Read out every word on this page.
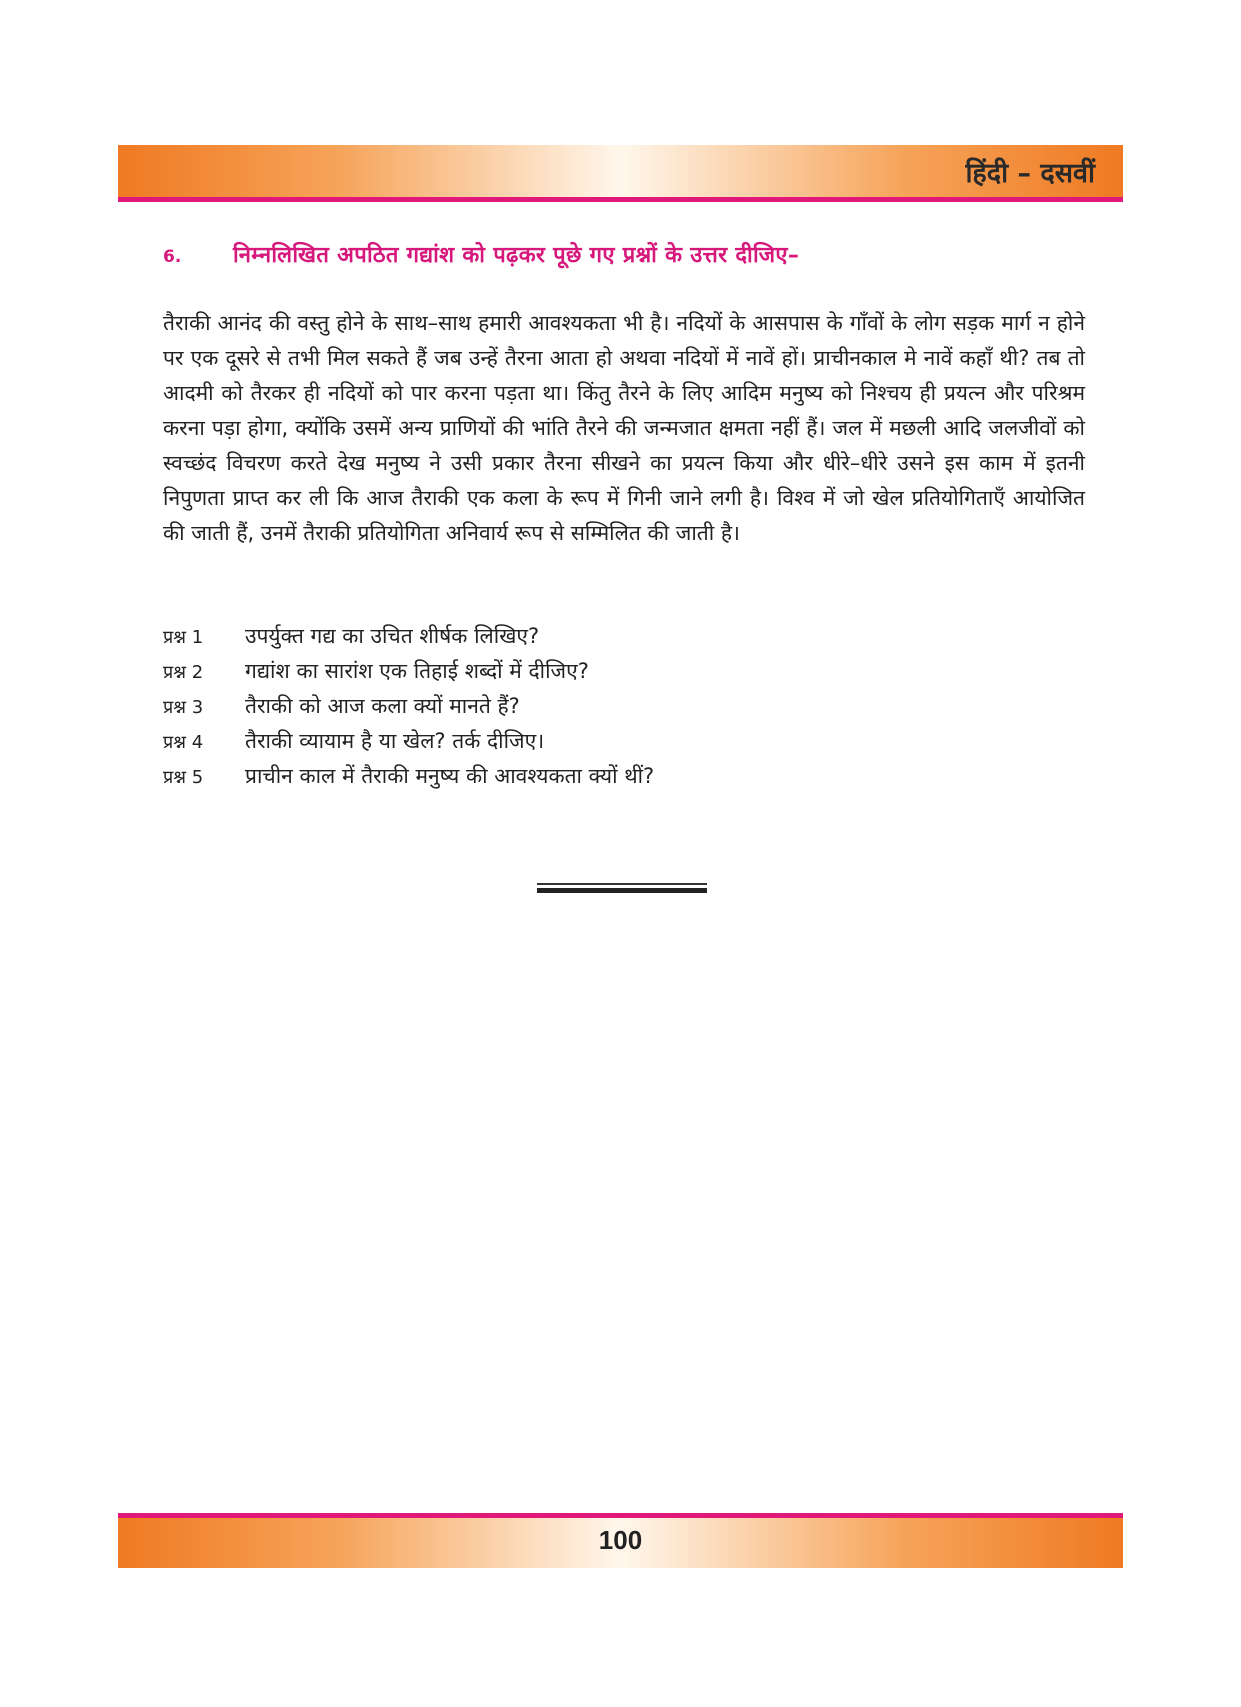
हिंदी – दसवीं
6.	निम्नलिखित अपठित गद्यांश को पढ़कर पूछे गए प्रश्नों के उत्तर दीजिए–
तैराकी आनंद की वस्तु होने के साथ–साथ हमारी आवश्यकता भी है। नदियों के आसपास के गाँवों के लोग सड़क मार्ग न होने पर एक दूसरे से तभी मिल सकते हैं जब उन्हें तैरना आता हो अथवा नदियों में नावें हों। प्राचीनकाल मे नावें कहाँ थी? तब तो आदमी को तैरकर ही नदियों को पार करना पड़ता था। किंतु तैरने के लिए आदिम मनुष्य को निश्चय ही प्रयत्न और परिश्रम करना पड़ा होगा, क्योंकि उसमें अन्य प्राणियों की भांति तैरने की जन्मजात क्षमता नहीं हैं। जल में मछली आदि जलजीवों को स्वच्छंद विचरण करते देख मनुष्य ने उसी प्रकार तैरना सीखने का प्रयत्न किया और धीरे–धीरे उसने इस काम में इतनी निपुणता प्राप्त कर ली कि आज तैराकी एक कला के रूप में गिनी जाने लगी है। विश्व में जो खेल प्रतियोगिताएँ आयोजित की जाती हैं, उनमें तैराकी प्रतियोगिता अनिवार्य रूप से सम्मिलित की जाती है।
प्रश्न 1	उपर्युक्त गद्य का उचित शीर्षक लिखिए?
प्रश्न 2	गद्यांश का सारांश एक तिहाई शब्दों में दीजिए?
प्रश्न 3	तैराकी को आज कला क्यों मानते हैं?
प्रश्न 4	तैराकी व्यायाम है या खेल? तर्क दीजिए।
प्रश्न 5	प्राचीन काल में तैराकी मनुष्य की आवश्यकता क्यों थीं?
100
